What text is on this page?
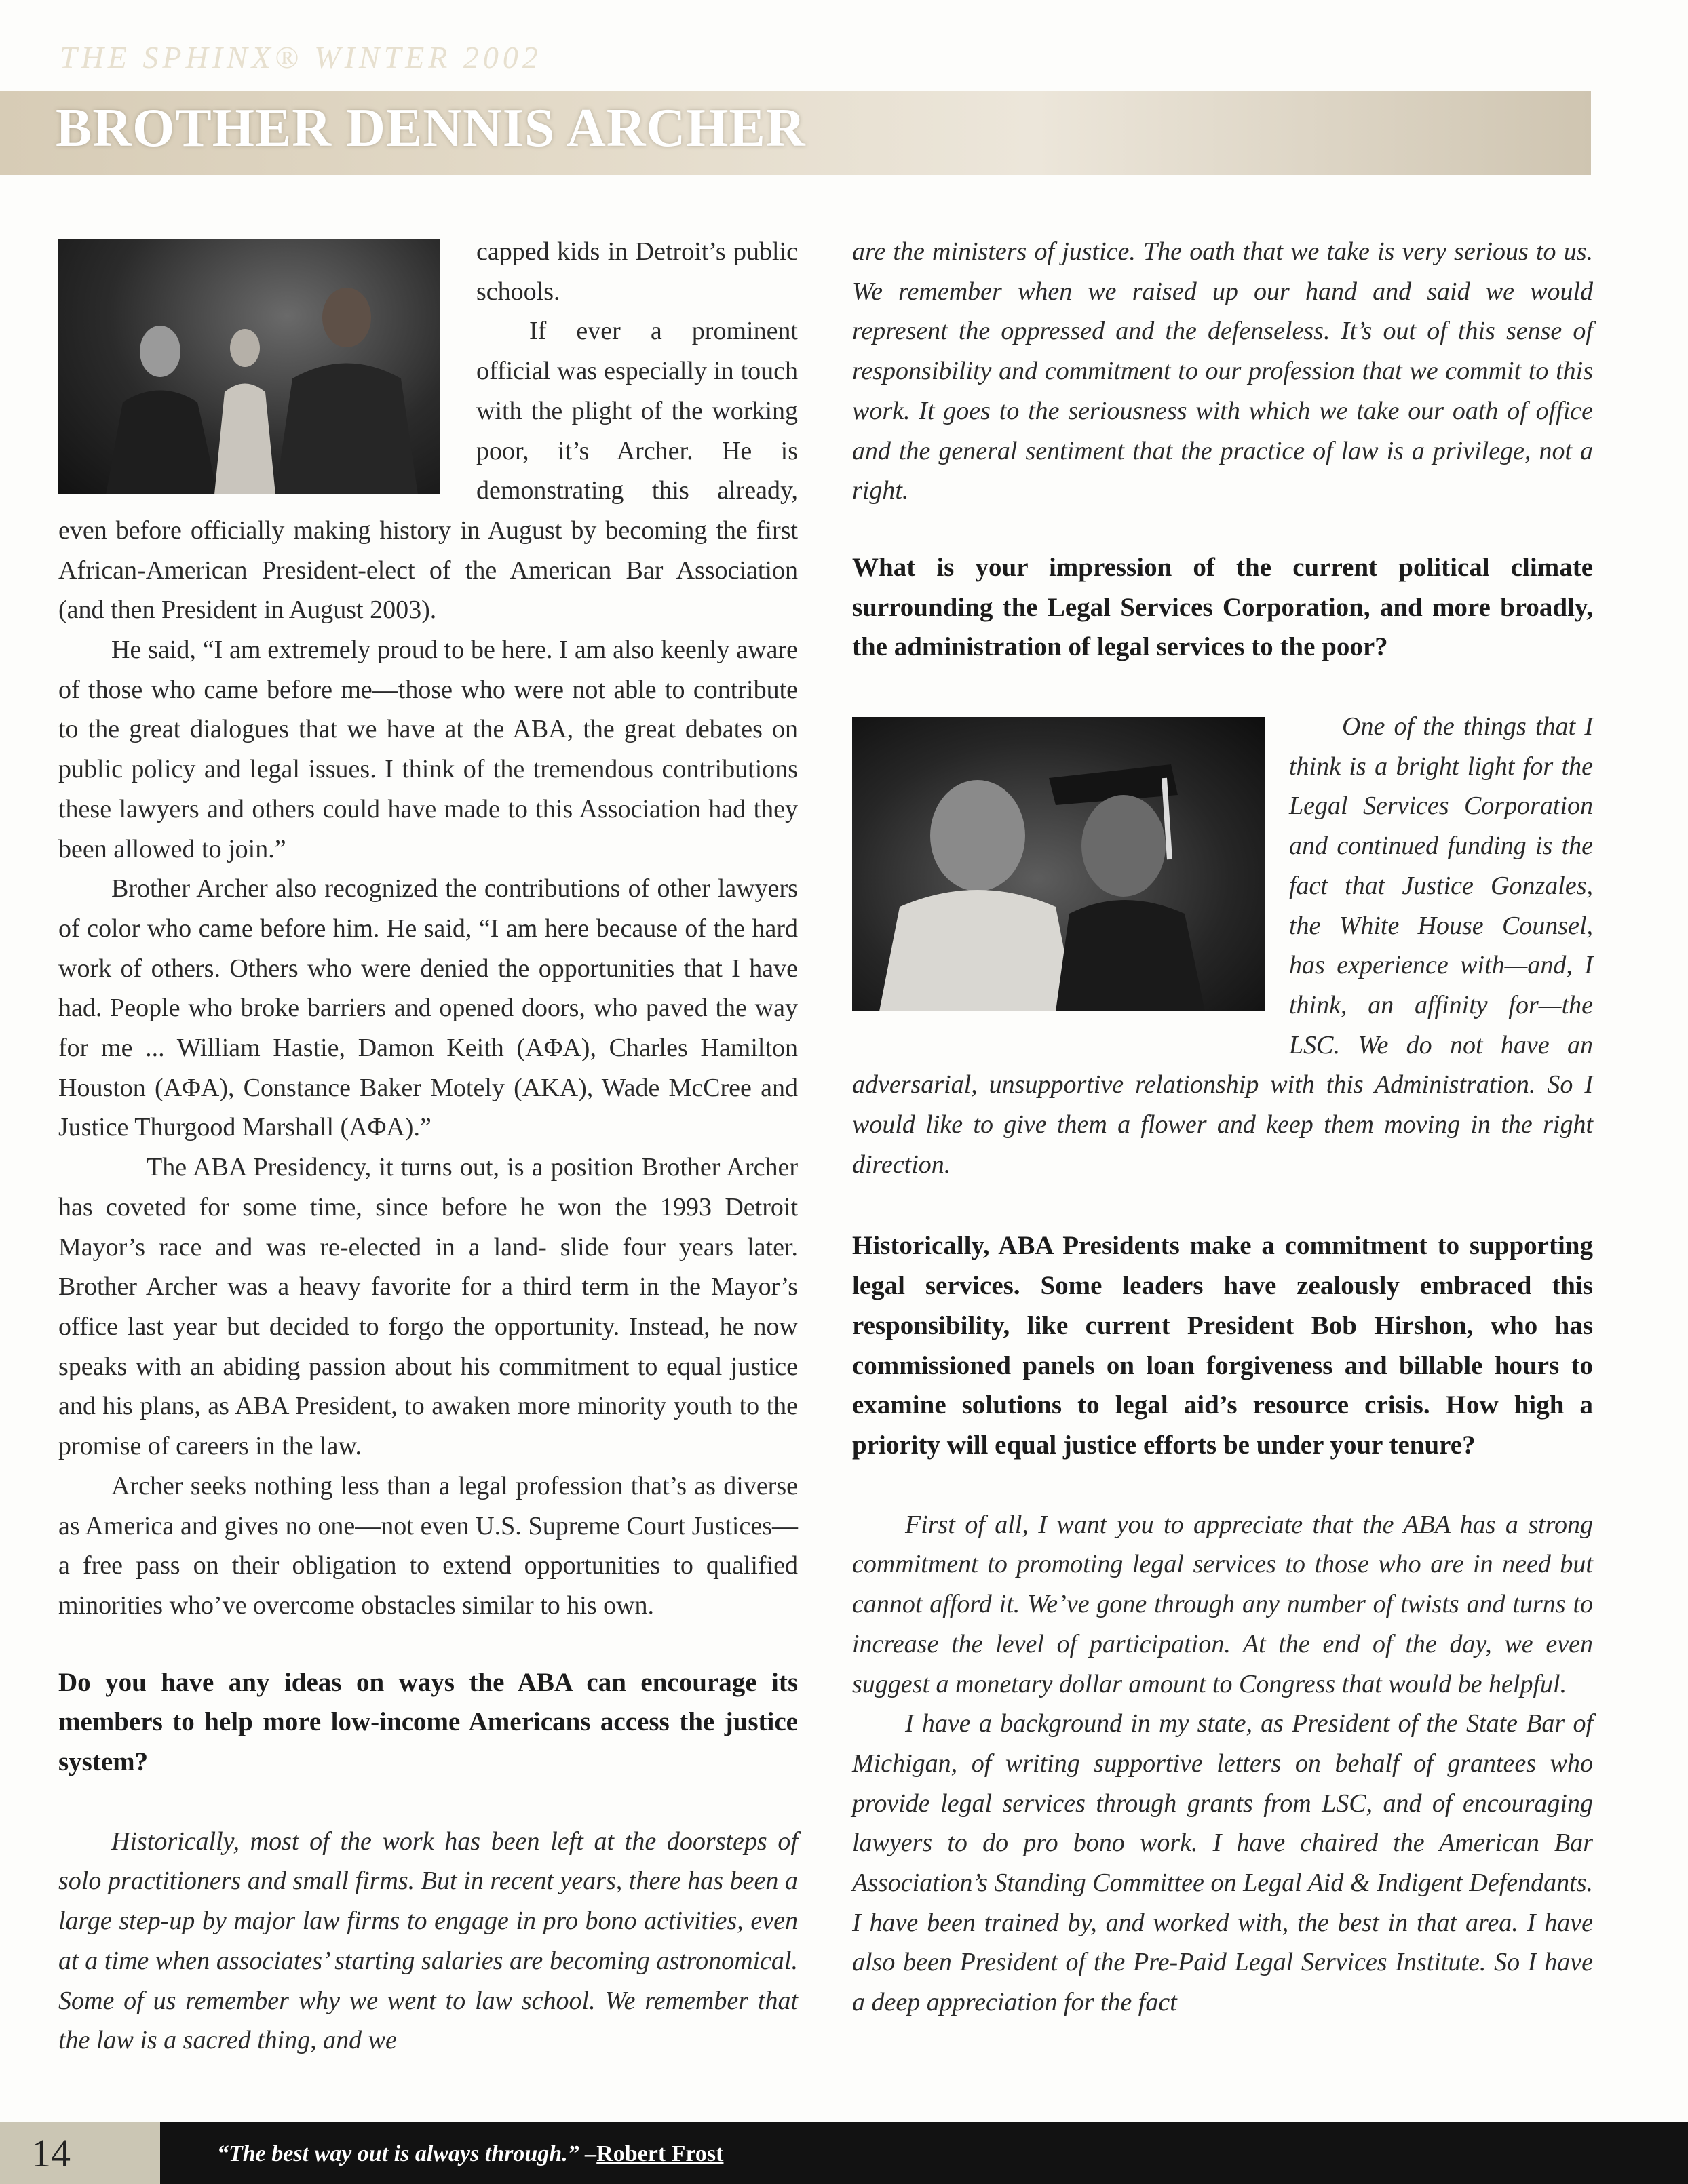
THE SPHINX® WINTER 2002
BROTHER DENNIS ARCHER

capped kids in Detroit’s public schools.

If ever a prominent official was especially in touch with the plight of the working poor, it’s Archer. He is demonstrating this already, even before officially making history in August by becoming the first African-American President-elect of the American Bar Association (and then President in August 2003).

He said, “I am extremely proud to be here. I am also keenly aware of those who came before me—those who were not able to contribute to the great dialogues that we have at the ABA, the great debates on public policy and legal issues. I think of the tremendous contributions these lawyers and others could have made to this Association had they been allowed to join.”

Brother Archer also recognized the contributions of other lawyers of color who came before him. He said, “I am here because of the hard work of others. Others who were denied the opportunities that I have had. People who broke barriers and opened doors, who paved the way for me ... William Hastie, Damon Keith (AΦA), Charles Hamilton Houston (AΦA), Constance Baker Motely (AKA), Wade McCree and Justice Thurgood Marshall (AΦA).”

The ABA Presidency, it turns out, is a position Brother Archer has coveted for some time, since before he won the 1993 Detroit Mayor’s race and was re-elected in a land- slide four years later. Brother Archer was a heavy favorite for a third term in the Mayor’s office last year but decided to forgo the opportunity. Instead, he now speaks with an abiding passion about his commitment to equal justice and his plans, as ABA President, to awaken more minority youth to the promise of careers in the law.

Archer seeks nothing less than a legal profession that’s as diverse as America and gives no one—not even U.S. Supreme Court Justices—a free pass on their obligation to extend opportunities to qualified minorities who’ve overcome obstacles similar to his own.

Do you have any ideas on ways the ABA can encourage its members to help more low-income Americans access the justice system?

Historically, most of the work has been left at the doorsteps of solo practitioners and small firms. But in recent years, there has been a large step-up by major law firms to engage in pro bono activities, even at a time when associates’ starting salaries are becoming astronomical. Some of us remember why we went to law school. We remember that the law is a sacred thing, and we

are the ministers of justice. The oath that we take is very serious to us. We remember when we raised up our hand and said we would represent the oppressed and the defenseless. It’s out of this sense of responsibility and commitment to our profession that we commit to this work. It goes to the seriousness with which we take our oath of office and the general sentiment that the practice of law is a privilege, not a right.

What is your impression of the current political climate surrounding the Legal Services Corporation, and more broadly, the administration of legal services to the poor?

One of the things that I think is a bright light for the Legal Services Corporation and continued funding is the fact that Justice Gonzales, the White House Counsel, has experience with—and, I think, an affinity for—the LSC. We do not have an adversarial, unsupportive relationship with this Administration. So I would like to give them a flower and keep them moving in the right direction.

Historically, ABA Presidents make a commitment to supporting legal services. Some leaders have zealously embraced this responsibility, like current President Bob Hirshon, who has commissioned panels on loan forgiveness and billable hours to examine solutions to legal aid’s resource crisis. How high a priority will equal justice efforts be under your tenure?

First of all, I want you to appreciate that the ABA has a strong commitment to promoting legal services to those who are in need but cannot afford it. We’ve gone through any number of twists and turns to increase the level of participation. At the end of the day, we even suggest a monetary dollar amount to Congress that would be helpful.

I have a background in my state, as President of the State Bar of Michigan, of writing supportive letters on behalf of grantees who provide legal services through grants from LSC, and of encouraging lawyers to do pro bono work. I have chaired the American Bar Association’s Standing Committee on Legal Aid & Indigent Defendants. I have been trained by, and worked with, the best in that area. I have also been President of the Pre-Paid Legal Services Institute. So I have a deep appreciation for the fact

14	“The best way out is always through.” –Robert Frost
